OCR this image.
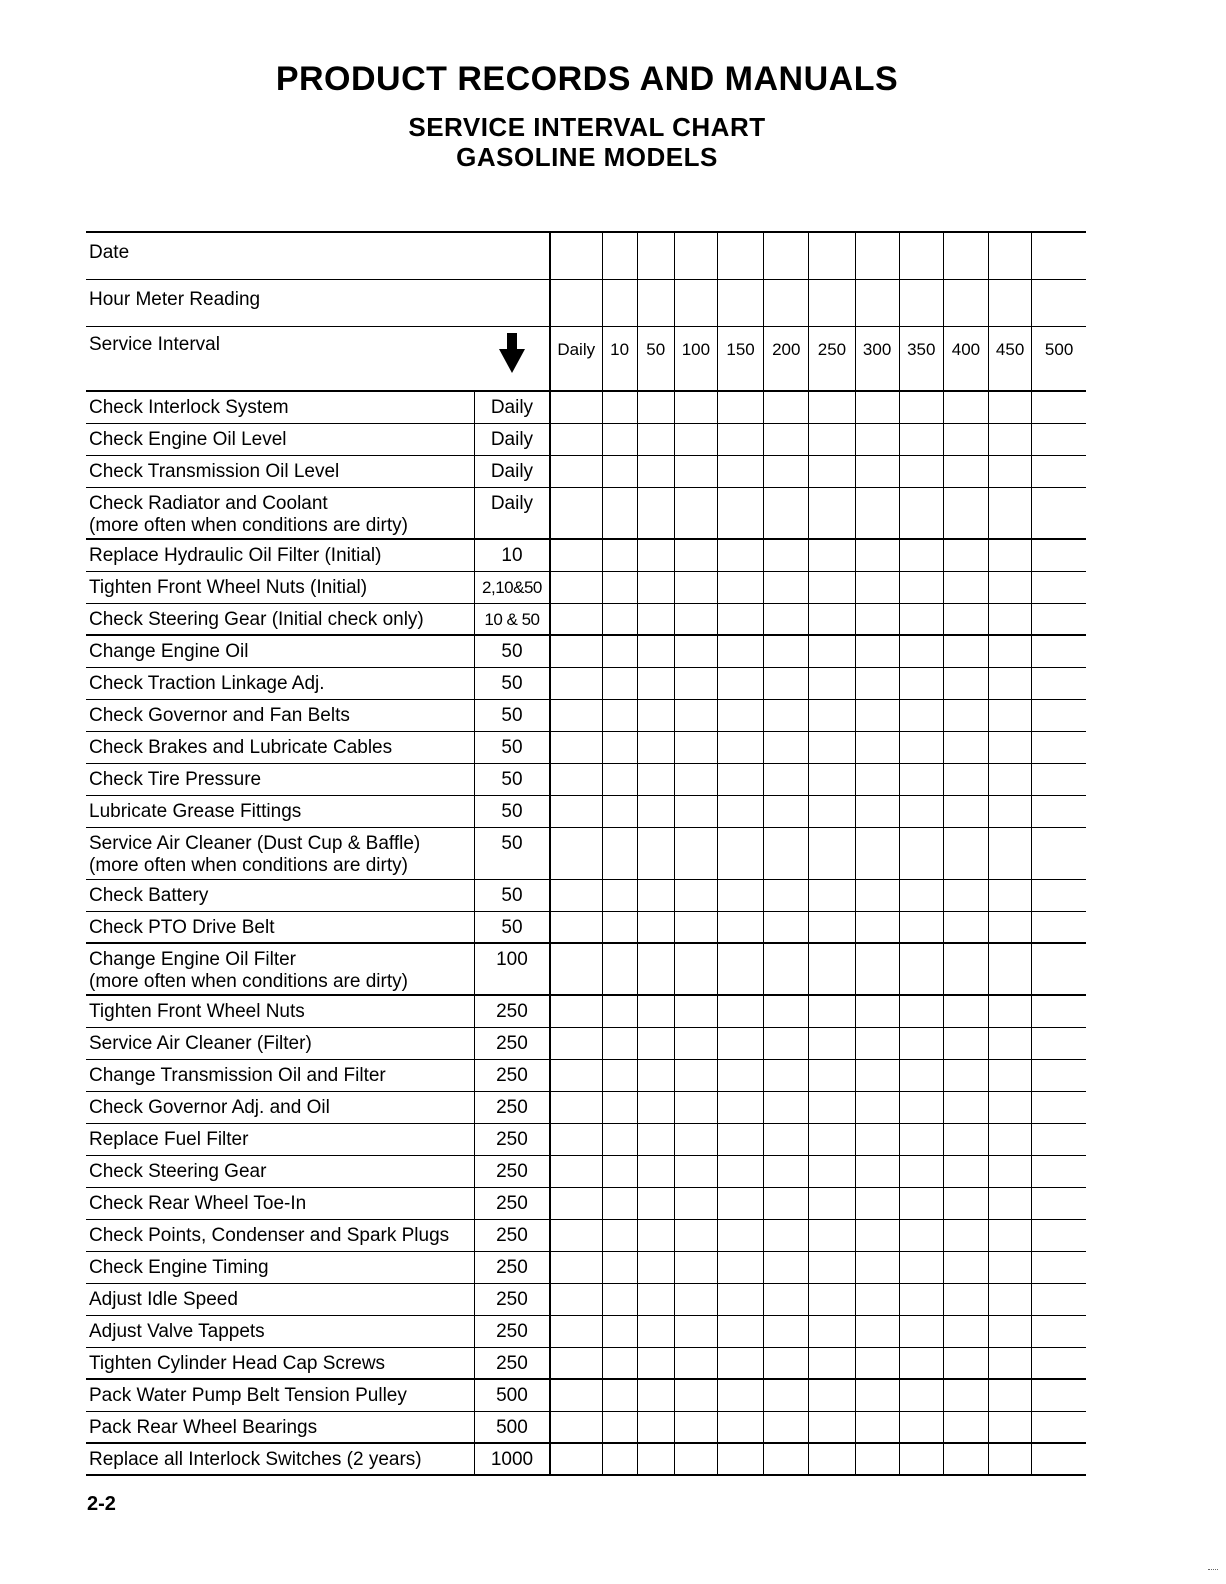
PRODUCT RECORDS AND MANUALS
SERVICE INTERVAL CHART
GASOLINE MODELS
Date													
Hour Meter Reading													
Service Interval		Daily	10	50	100	150	200	250	300	350	400	450	500

Check Interlock System	Daily												

Check Engine Oil Level	Daily												

Check Transmission Oil Level	Daily												

Check Radiator and Coolant
(more often when conditions are dirty)	Daily												

Replace Hydraulic Oil Filter (Initial)	10												

Tighten Front Wheel Nuts (Initial)	2,10&50												

Check Steering Gear (Initial check only)	10 & 50												

Change Engine Oil	50												

Check Traction Linkage Adj.	50												

Check Governor and Fan Belts	50												

Check Brakes and Lubricate Cables	50												

Check Tire Pressure	50												

Lubricate Grease Fittings	50												

Service Air Cleaner (Dust Cup & Baffle)
(more often when conditions are dirty)	50												

Check Battery	50												

Check PTO Drive Belt	50												

Change Engine Oil Filter
(more often when conditions are dirty)	100												

Tighten Front Wheel Nuts	250												

Service Air Cleaner (Filter)	250												

Change Transmission Oil and Filter	250												

Check Governor Adj. and Oil	250												

Replace Fuel Filter	250												

Check Steering Gear	250												

Check Rear Wheel Toe-In	250												

Check Points, Condenser and Spark Plugs	250												

Check Engine Timing	250												

Adjust Idle Speed	250												

Adjust Valve Tappets	250												

Tighten Cylinder Head Cap Screws	250												

Pack Water Pump Belt Tension Pulley	500												

Pack Rear Wheel Bearings	500												

Replace all Interlock Switches (2 years)	1000												
2-2
